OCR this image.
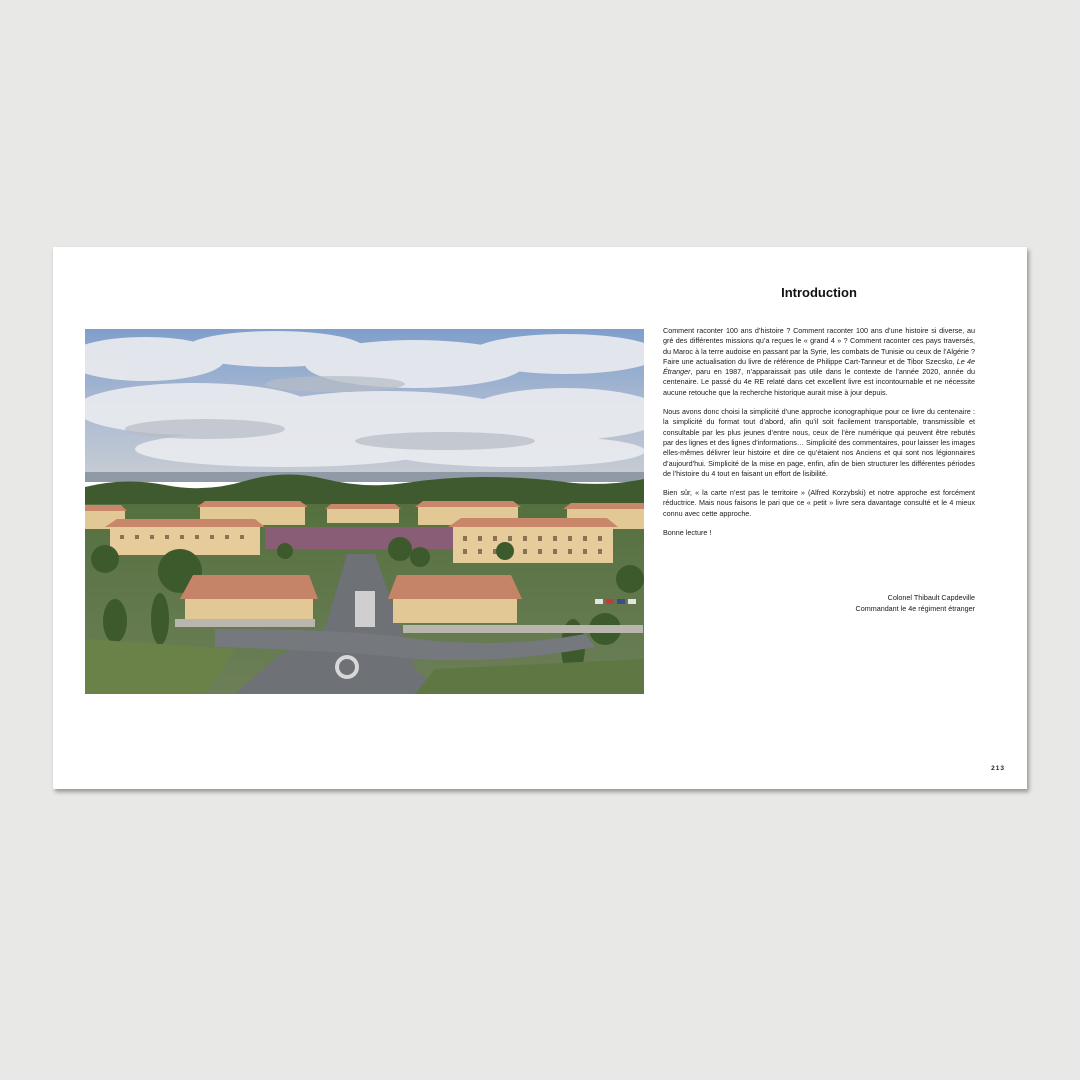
Introduction

Comment raconter 100 ans d’histoire ? Comment raconter 100 ans d’une histoire si diverse, au gré des différentes missions qu’a reçues le « grand 4 » ? Comment raconter ces pays traversés, du Maroc à la terre audoise en passant par la Syrie, les combats de Tunisie ou ceux de l’Algérie ? Faire une actualisation du livre de référence de Philippe Cart-Tanneur et de Tibor Szecsko, Le 4e Étranger, paru en 1987, n’apparaissait pas utile dans le contexte de l’année 2020, année du centenaire. Le passé du 4e RE relaté dans cet excellent livre est incontournable et ne nécessite aucune retouche que la recherche historique aurait mise à jour depuis.

Nous avons donc choisi la simplicité d’une approche iconographique pour ce livre du centenaire : la simplicité du format tout d’abord, afin qu’il soit facilement transportable, transmissible et consultable par les plus jeunes d’entre nous, ceux de l’ère numérique qui peuvent être rebutés par des lignes et des lignes d’informations… Simplicité des commentaires, pour laisser les images elles-mêmes délivrer leur histoire et dire ce qu’étaient nos Anciens et qui sont nos légionnaires d’aujourd’hui. Simplicité de la mise en page, enfin, afin de bien structurer les différentes périodes de l’histoire du 4 tout en faisant un effort de lisibilité.

Bien sûr, « la carte n’est pas le territoire » (Alfred Korzybski) et notre approche est forcément réductrice. Mais nous faisons le pari que ce « petit » livre sera davantage consulté et le 4 mieux connu avec cette approche.

Bonne lecture !

Colonel Thibault Capdeville
Commandant le 4e régiment étranger
213
